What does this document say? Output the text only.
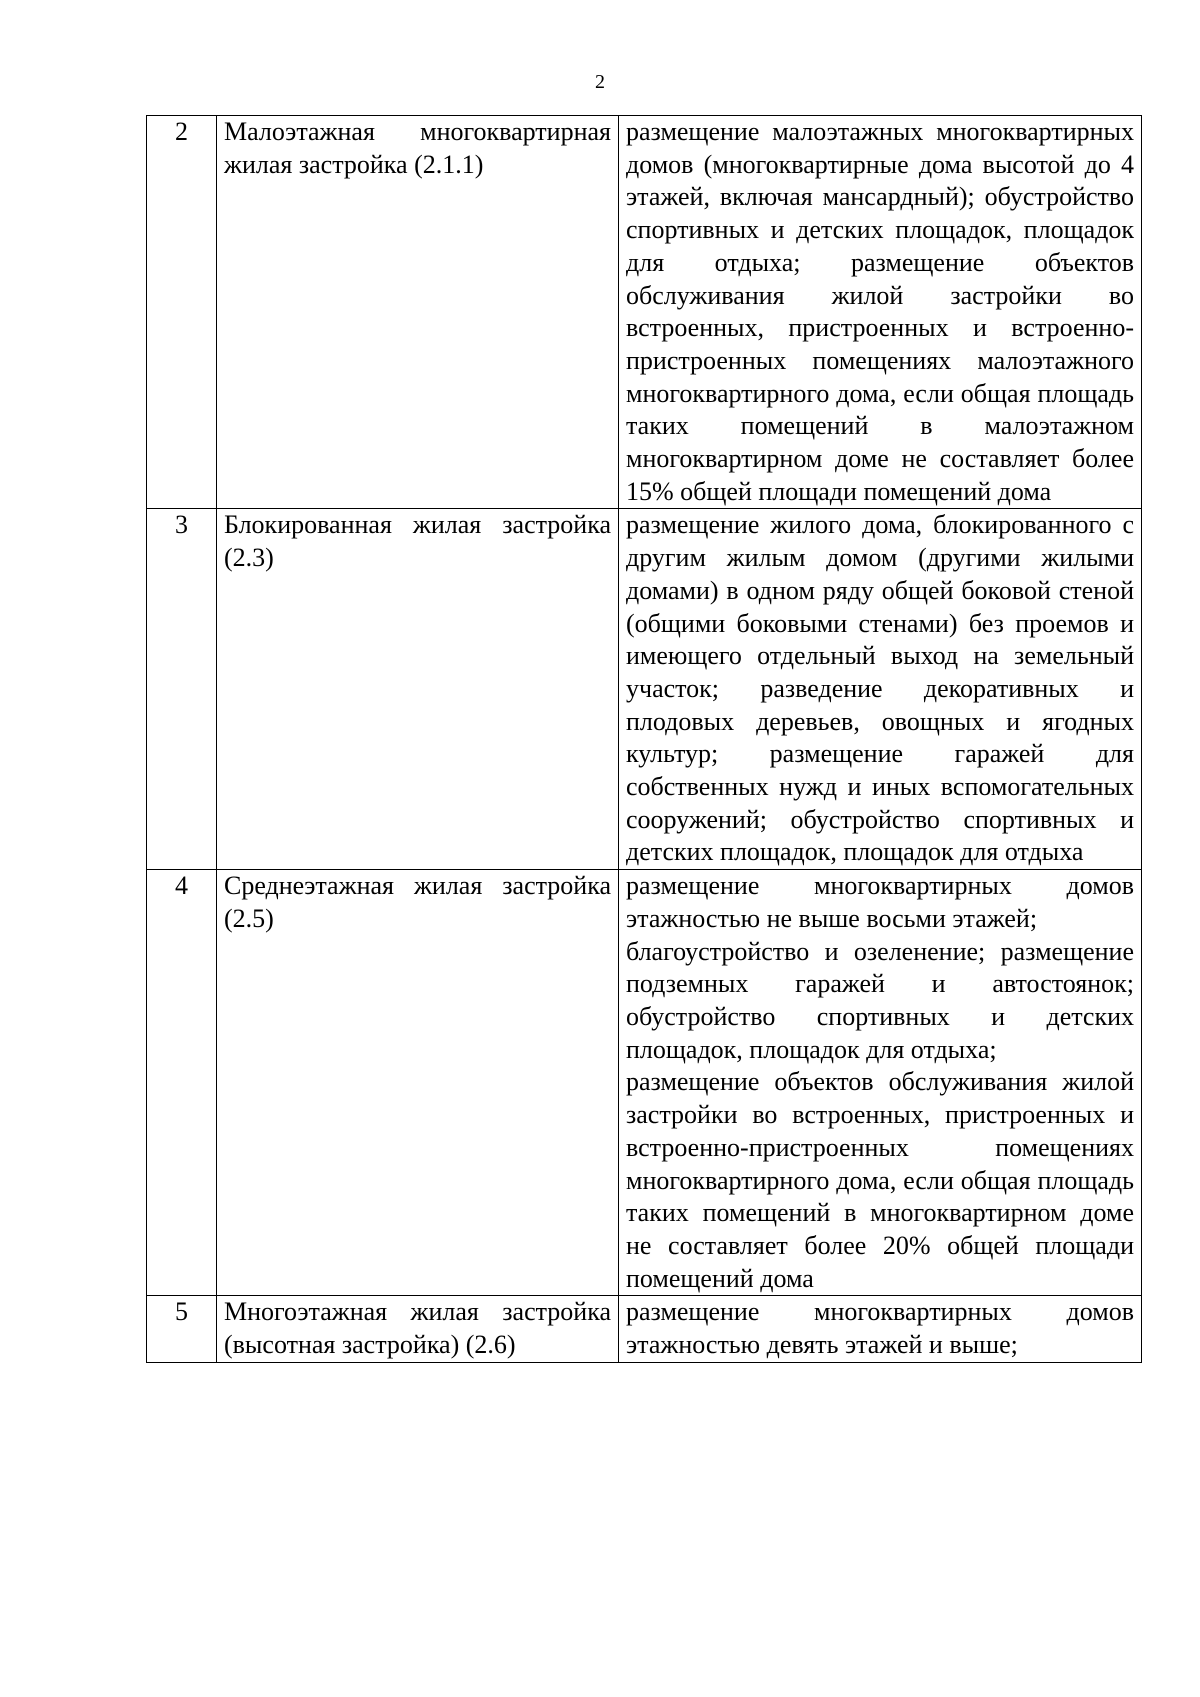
2
2	Малоэтажная многоквартирная жилая застройка (2.1.1)	размещение малоэтажных многоквартирных домов (многоквартирные дома высотой до 4 этажей, включая мансардный); обустройство спортивных и детских площадок, площадок для отдыха; размещение объектов обслуживания жилой застройки во встроенных, пристроенных и встроенно-пристроенных помещениях малоэтажного многоквартирного дома, если общая площадь таких помещений в малоэтажном многоквартирном доме не составляет более 15% общей площади помещений дома

3	Блокированная жилая застройка (2.3)	размещение жилого дома, блокированного с другим жилым домом (другими жилыми домами) в одном ряду общей боковой стеной (общими боковыми стенами) без проемов и имеющего отдельный выход на земельный участок; разведение декоративных и плодовых деревьев, овощных и ягодных культур; размещение гаражей для собственных нужд и иных вспомогательных сооружений; обустройство спортивных и детских площадок, площадок для отдыха

4	Среднеэтажная жилая застройка (2.5)	размещение многоквартирных домов этажностью не выше восьми этажей;
благоустройство и озеленение; размещение подземных гаражей и автостоянок; обустройство спортивных и детских площадок, площадок для отдыха;
размещение объектов обслуживания жилой застройки во встроенных, пристроенных и встроенно-пристроенных помещениях многоквартирного дома, если общая площадь таких помещений в многоквартирном доме не составляет более 20% общей площади помещений дома

5	Многоэтажная жилая застройка (высотная застройка) (2.6)	размещение многоквартирных домов этажностью девять этажей и выше;
